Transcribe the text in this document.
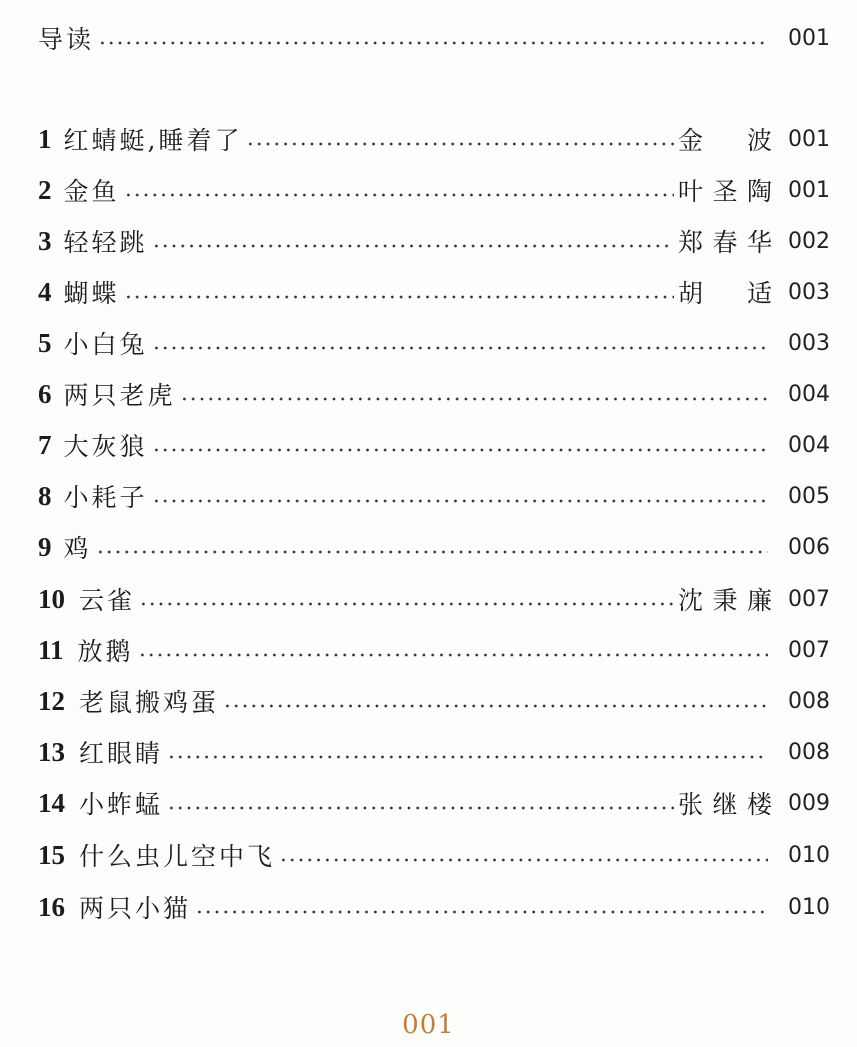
导读	001
1 红蜻蜓,睡着了	金 波 001
2 金鱼	叶 圣 陶 001
3 轻轻跳	郑 春 华 002
4 蝴蝶	胡 适 003
5 小白兔	003
6 两只老虎	004
7 大灰狼	004
8 小耗子	005
9 鸡	006
10 云雀	沈 秉 廉 007
11 放鹅	007
12 老鼠搬鸡蛋	008
13 红眼睛	008
14 小蚱蜢	张 继 楼 009
15 什么虫儿空中飞	010
16 两只小猫	010
001
